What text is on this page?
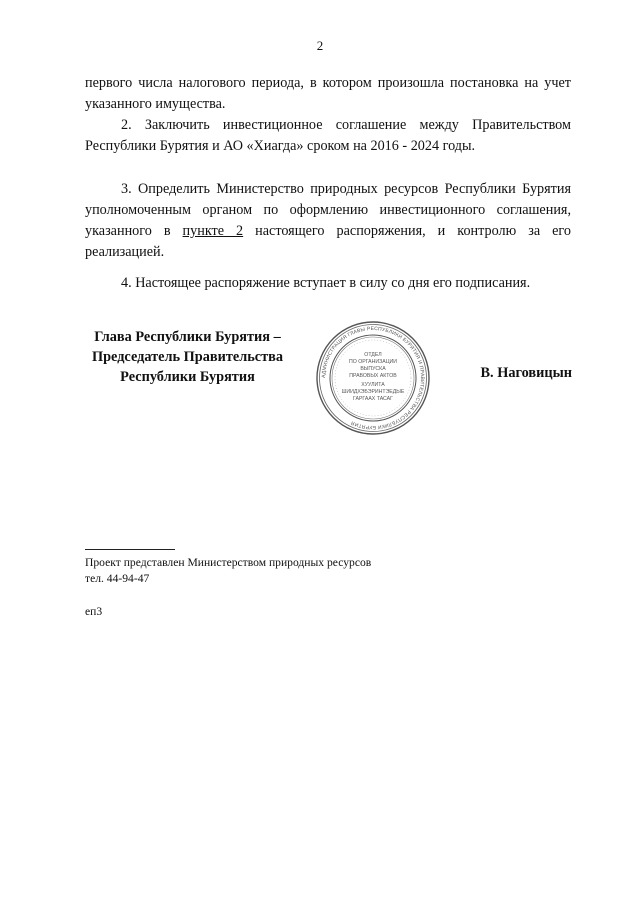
2

первого числа налогового периода, в котором произошла постановка на учет указанного имущества.

2. Заключить инвестиционное соглашение между Правительством Республики Бурятия и АО «Хиагда» сроком на 2016 - 2024 годы.

3. Определить Министерство природных ресурсов Республики Бурятия уполномоченным органом по оформлению инвестиционного соглашения, указанного в пункте 2 настоящего распоряжения, и контролю за его реализацией.

4. Настоящее распоряжение вступает в силу со дня его подписания.

Глава Республики Бурятия –
Председатель Правительства
Республики Бурятия	АДМИНИСТРАЦИЯ ГЛАВЫ РЕСПУБЛИКИ БУРЯТИЯ И ПРАВИТЕЛЬСТВА РЕСПУБЛИКИ БУРЯТИЯ
ОТДЕЛ
ПО ОРГАНИЗАЦИИ
ВЫПУСКА
ПРАВОВЫХ АКТОВ
ХУУЛИТА
ШИИДХЭБЭРИНТЭЕДЫЕ
ГАРГААХ ТАСАГ
В. Наговицын
Проект представлен Министерством природных ресурсов
тел. 44-94-47
еп3
